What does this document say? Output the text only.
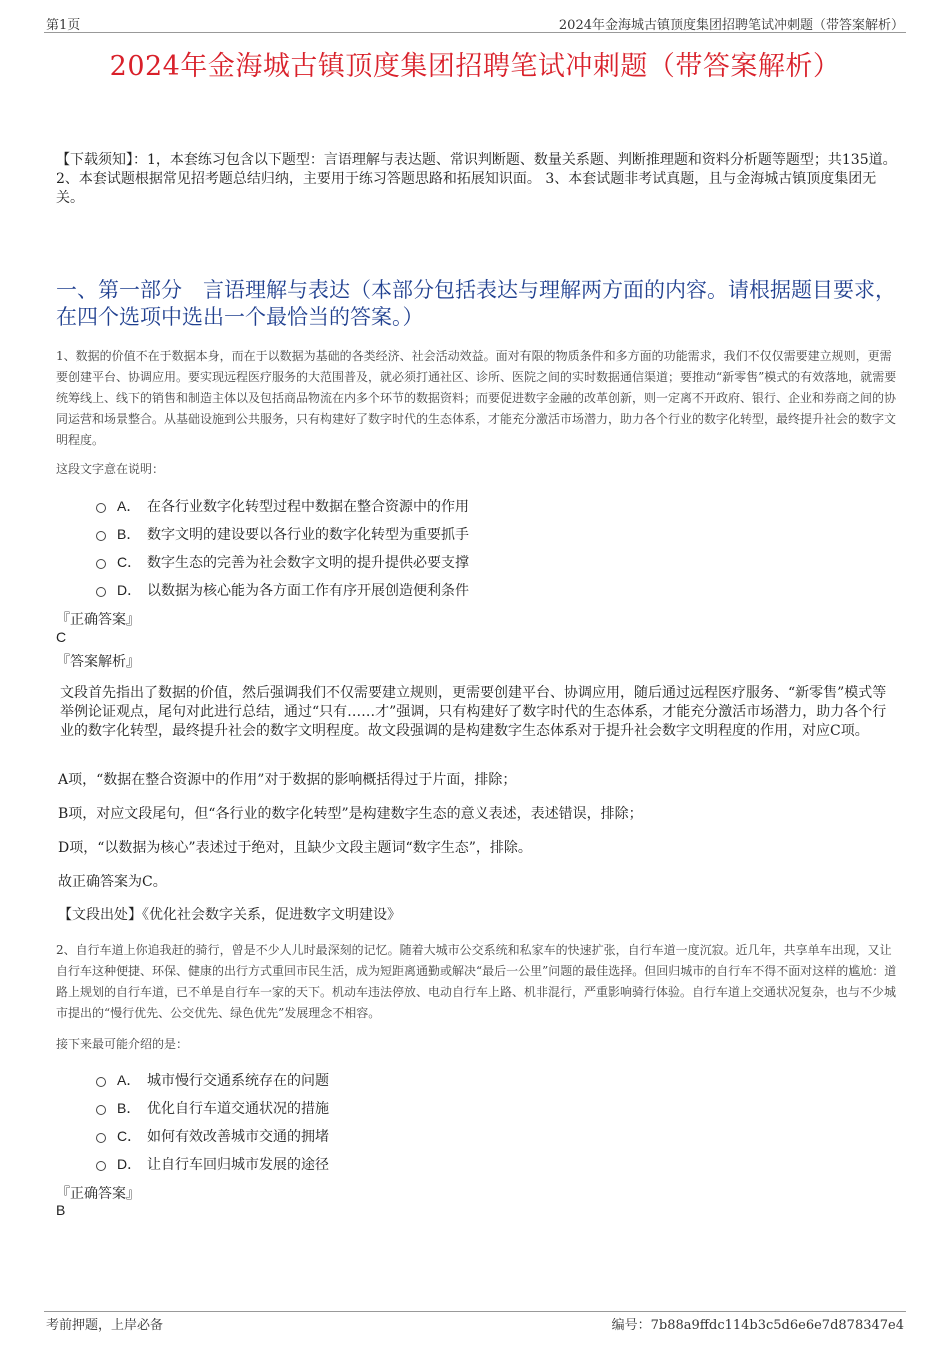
第1页	2024年金海城古镇顶度集团招聘笔试冲刺题（带答案解析）
2024年金海城古镇顶度集团招聘笔试冲刺题（带答案解析）
【下载须知】：1，本套练习包含以下题型：言语理解与表达题、常识判断题、数量关系题、判断推理题和资料分析题等题型；共135道。 2、本套试题根据常见招考题总结归纳，主要用于练习答题思路和拓展知识面。 3、本套试题非考试真题，且与金海城古镇顶度集团无关。
一、第一部分　言语理解与表达（本部分包括表达与理解两方面的内容。请根据题目要求，在四个选项中选出一个最恰当的答案。）
1、数据的价值不在于数据本身，而在于以数据为基础的各类经济、社会活动效益。面对有限的物质条件和多方面的功能需求，我们不仅仅需要建立规则，更需要创建平台、协调应用。要实现远程医疗服务的大范围普及，就必须打通社区、诊所、医院之间的实时数据通信渠道；要推动“新零售”模式的有效落地，就需要统筹线上、线下的销售和制造主体以及包括商品物流在内多个环节的数据资料；而要促进数字金融的改革创新，则一定离不开政府、银行、企业和券商之间的协同运营和场景整合。从基础设施到公共服务，只有构建好了数字时代的生态体系，才能充分激活市场潜力，助力各个行业的数字化转型，最终提升社会的数字文明程度。
这段文字意在说明：
A． 在各行业数字化转型过程中数据在整合资源中的作用
B． 数字文明的建设要以各行业的数字化转型为重要抓手
C． 数字生态的完善为社会数字文明的提升提供必要支撑
D． 以数据为核心能为各方面工作有序开展创造便利条件
『正确答案』
C
『答案解析』
文段首先指出了数据的价值，然后强调我们不仅需要建立规则，更需要创建平台、协调应用，随后通过远程医疗服务、“新零售”模式等举例论证观点，尾句对此进行总结，通过“只有……才”强调，只有构建好了数字时代的生态体系，才能充分激活市场潜力，助力各个行业的数字化转型，最终提升社会的数字文明程度。故文段强调的是构建数字生态体系对于提升社会数字文明程度的作用，对应C项。
A项，“数据在整合资源中的作用”对于数据的影响概括得过于片面，排除；
B项，对应文段尾句，但“各行业的数字化转型”是构建数字生态的意义表述，表述错误，排除；
D项，“以数据为核心”表述过于绝对，且缺少文段主题词“数字生态”，排除。
故正确答案为C。
【文段出处】《优化社会数字关系，促进数字文明建设》
2、自行车道上你追我赶的骑行，曾是不少人儿时最深刻的记忆。随着大城市公交系统和私家车的快速扩张，自行车道一度沉寂。近几年，共享单车出现，又让自行车这种便捷、环保、健康的出行方式重回市民生活，成为短距离通勤或解决“最后一公里”问题的最佳选择。但回归城市的自行车不得不面对这样的尴尬：道路上规划的自行车道，已不单是自行车一家的天下。机动车违法停放、电动自行车上路、机非混行，严重影响骑行体验。自行车道上交通状况复杂，也与不少城市提出的“慢行优先、公交优先、绿色优先”发展理念不相容。
接下来最可能介绍的是：
A． 城市慢行交通系统存在的问题
B． 优化自行车道交通状况的措施
C． 如何有效改善城市交通的拥堵
D． 让自行车回归城市发展的途径
『正确答案』
B
考前押题，上岸必备	编号：7b88a9ffdc114b3c5d6e6e7d878347e4
